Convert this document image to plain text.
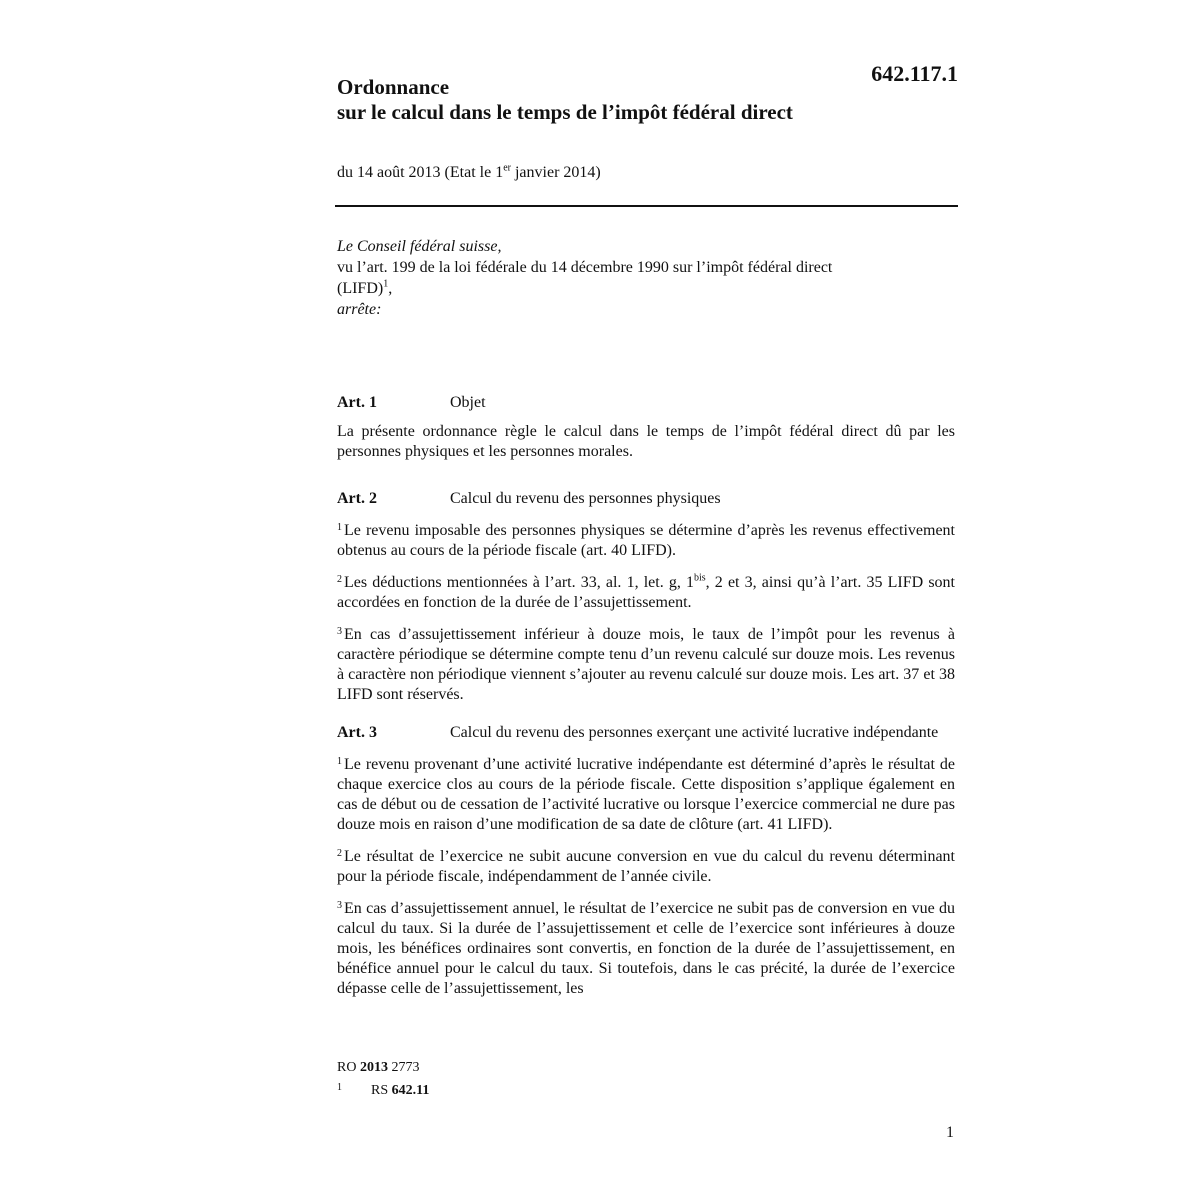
642.117.1
Ordonnance
sur le calcul dans le temps de l’impôt fédéral direct
du 14 août 2013 (Etat le 1er janvier 2014)
Le Conseil fédéral suisse,
vu l’art. 199 de la loi fédérale du 14 décembre 1990 sur l’impôt fédéral direct
(LIFD)$^1$,
arrête:
Art. 1	Objet
La présente ordonnance règle le calcul dans le temps de l’impôt fédéral direct dû par les personnes physiques et les personnes morales.
Art. 2	Calcul du revenu des personnes physiques
$^1$ Le revenu imposable des personnes physiques se détermine d’après les revenus effectivement obtenus au cours de la période fiscale (art. 40 LIFD).
$^2$ Les déductions mentionnées à l’art. 33, al. 1, let. g, $1^{bis}$, 2 et 3, ainsi qu’à l’art. 35 LIFD sont accordées en fonction de la durée de l’assujettissement.
$^3$ En cas d’assujettissement inférieur à douze mois, le taux de l’impôt pour les revenus à caractère périodique se détermine compte tenu d’un revenu calculé sur douze mois. Les revenus à caractère non périodique viennent s’ajouter au revenu calculé sur douze mois. Les art. 37 et 38 LIFD sont réservés.
Art. 3	Calcul du revenu des personnes exerçant une activité lucrative indépendante
$^1$ Le revenu provenant d’une activité lucrative indépendante est déterminé d’après le résultat de chaque exercice clos au cours de la période fiscale. Cette disposition s’applique également en cas de début ou de cessation de l’activité lucrative ou lorsque l’exercice commercial ne dure pas douze mois en raison d’une modification de sa date de clôture (art. 41 LIFD).
$^2$ Le résultat de l’exercice ne subit aucune conversion en vue du calcul du revenu déterminant pour la période fiscale, indépendamment de l’année civile.
$^3$ En cas d’assujettissement annuel, le résultat de l’exercice ne subit pas de conversion en vue du calcul du taux. Si la durée de l’assujettissement et celle de l’exercice sont inférieures à douze mois, les bénéfices ordinaires sont convertis, en fonction de la durée de l’assujettissement, en bénéfice annuel pour le calcul du taux. Si toutefois, dans le cas précité, la durée de l’exercice dépasse celle de l’assujettissement, les
RO 2013 2773
1 RS 642.11
1
